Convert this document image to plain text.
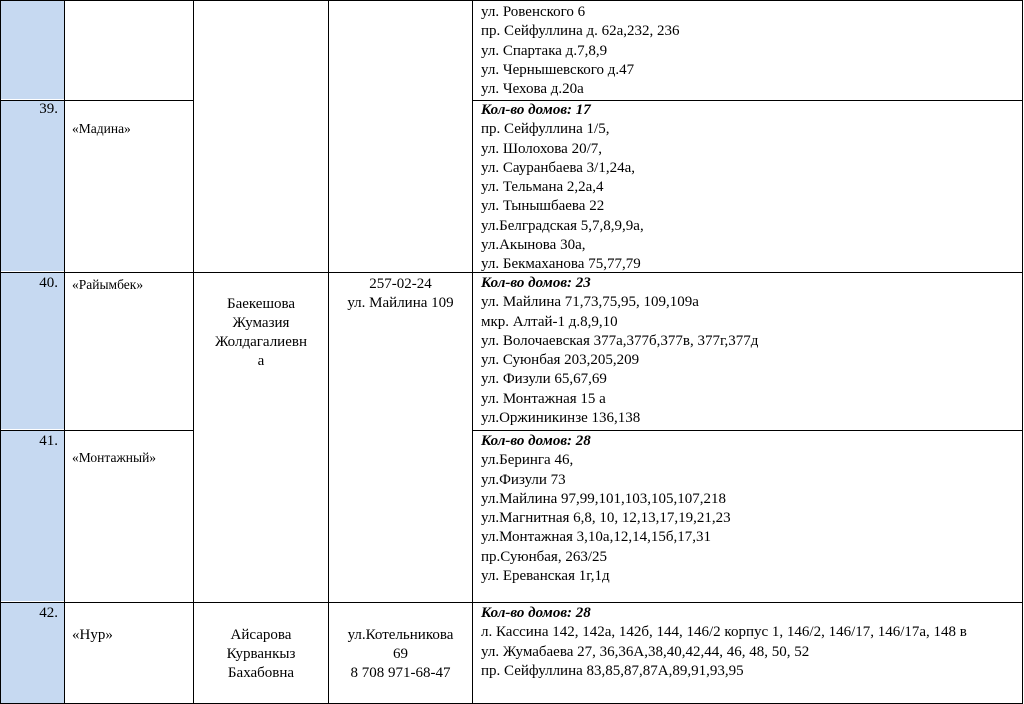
ул. Ровенского 6
пр. Сейфуллина д. 62а,232, 236
ул. Спартака д.7,8,9
ул. Чернышевского д.47
ул. Чехова д.20а
39.
«Мадина»
Кол-во домов: 17
пр. Сейфуллина 1/5,
ул. Шолохова 20/7,
ул. Сауранбаева 3/1,24а,
ул. Тельмана 2,2а,4
ул. Тынышбаева 22
ул.Белградская 5,7,8,9,9а,
ул.Акынова 30а,
ул. Бекмаханова 75,77,79
40. «Райымбек»
Баекешова
Жумазия
Жолдагалиевн
а
257-02-24
ул. Майлина 109
Кол-во домов: 23
ул. Майлина 71,73,75,95, 109,109а
мкр. Алтай-1 д.8,9,10
ул. Волочаевская 377а,377б,377в, 377г,377д
ул. Суюнбая 203,205,209
ул. Физули 65,67,69
ул. Монтажная 15 а
ул.Оржиникинзе 136,138
41.
«Монтажный»
Кол-во домов: 28
ул.Беринга 46,
ул.Физули 73
ул.Майлина 97,99,101,103,105,107,218
ул.Магнитная 6,8, 10, 12,13,17,19,21,23
ул.Монтажная 3,10а,12,14,15б,17,31
пр.Суюнбая, 263/25
ул. Ереванская 1г,1д
42.
«Нур»	Айсарова
Курванкыз
Бахабовна
ул.Котельникова
69
8 708 971-68-47
Кол-во домов: 28
л. Кассина 142, 142а, 142б, 144, 146/2 корпус 1, 146/2, 146/17, 146/17а, 148 в
ул. Жумабаева 27, 36,36А,38,40,42,44, 46, 48, 50, 52
пр. Сейфуллина 83,85,87,87А,89,91,93,95
